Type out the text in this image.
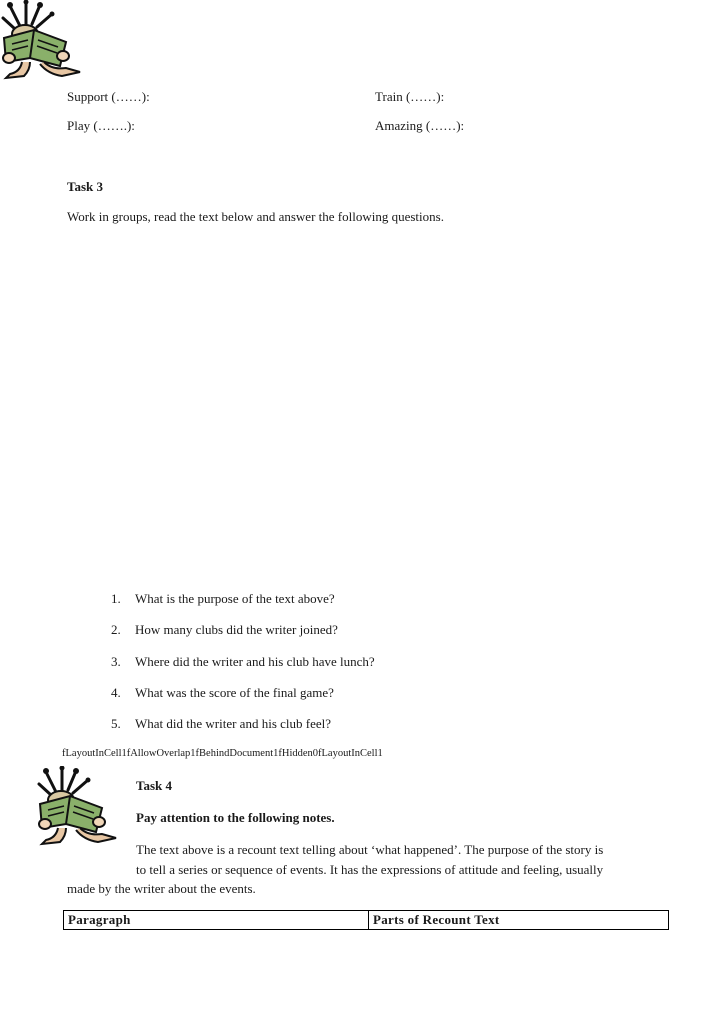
Support (……):	Train (……):
Play (…….):	Amazing (……):
Task 3
Work in groups, read the text below and answer the following questions.
1. What is the purpose of the text above?
2. How many clubs did the writer joined?
3. Where did the writer and his club have lunch?
4. What was the score of the final game?
5. What did the writer and his club feel?
fLayoutInCell1fAllowOverlap1fBehindDocument1fHidden0fLayoutInCell1
Task 4
Pay attention to the following notes.
The text above is a recount text telling about ‘what happened’. The purpose of the story is
to tell a series or sequence of events. It has the expressions of attitude and feeling, usually
made by the writer about the events.
Paragraph	Parts of Recount Text
